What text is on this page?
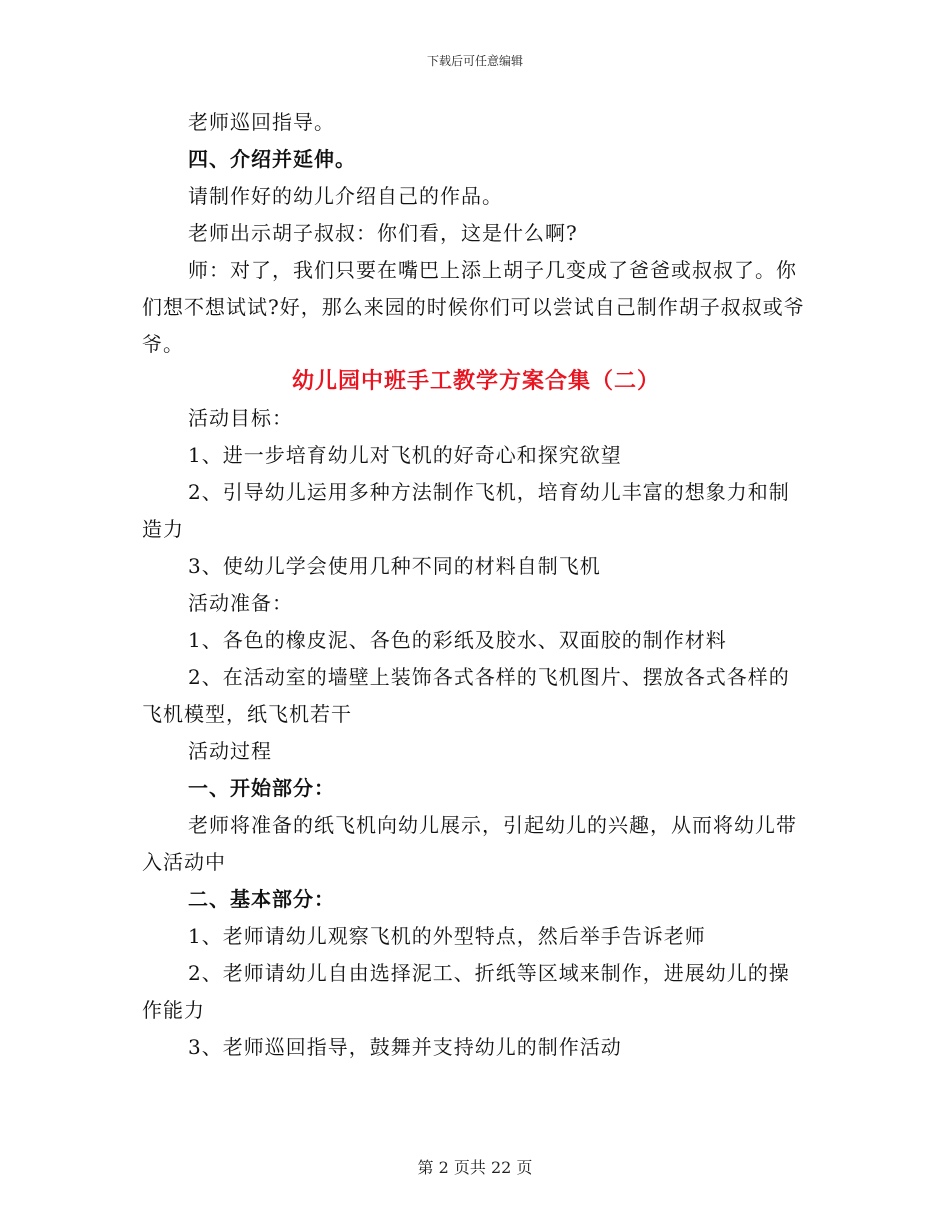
下载后可任意编辑

老师巡回指导。

四、介绍并延伸。

请制作好的幼儿介绍自己的作品。

老师出示胡子叔叔：你们看，这是什么啊?

师：对了，我们只要在嘴巴上添上胡子几变成了爸爸或叔叔了。你们想不想试试?好，那么来园的时候你们可以尝试自己制作胡子叔叔或爷爷。

幼儿园中班手工教学方案合集（二）

活动目标：

1、进一步培育幼儿对飞机的好奇心和探究欲望

2、引导幼儿运用多种方法制作飞机，培育幼儿丰富的想象力和制造力

3、使幼儿学会使用几种不同的材料自制飞机

活动准备：

1、各色的橡皮泥、各色的彩纸及胶水、双面胶的制作材料

2、在活动室的墙壁上装饰各式各样的飞机图片、摆放各式各样的飞机模型，纸飞机若干

活动过程

一、开始部分：

老师将准备的纸飞机向幼儿展示，引起幼儿的兴趣，从而将幼儿带入活动中

二、基本部分：

1、老师请幼儿观察飞机的外型特点，然后举手告诉老师

2、老师请幼儿自由选择泥工、折纸等区域来制作，进展幼儿的操作能力

3、老师巡回指导，鼓舞并支持幼儿的制作活动

第 2 页共 22 页
